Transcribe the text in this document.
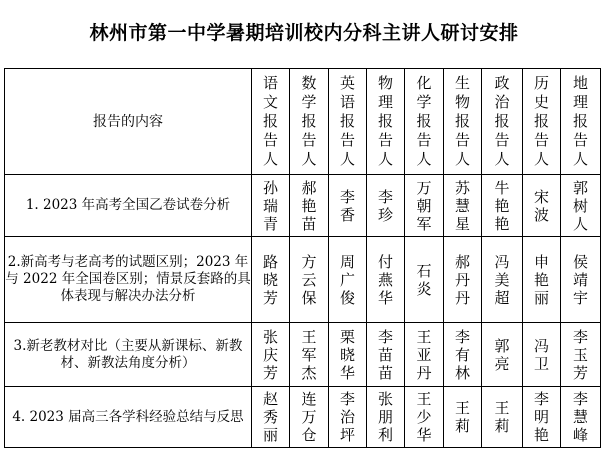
林州市第一中学暑期培训校内分科主讲人研讨安排
报告的内容	语文报告人	数学报告人	英语报告人	物理报告人	化学报告人	生物报告人	政治报告人	历史报告人	地理报告人
1. 2023 年高考全国乙卷试卷分析	孙瑞青	郝艳苗	李香	李珍	万朝军	苏慧星	牛艳艳	宋波	郭树人
2.新高考与老高考的试题区别；2023 年与 2022 年全国卷区别；情景反套路的具体表现与解决办法分析	路晓芳	方云保	周广俊	付燕华	石炎	郝丹丹	冯美超	申艳丽	侯靖宇
3.新老教材对比（主要从新课标、新教材、新教法角度分析）	张庆芳	王军杰	栗晓华	李苗苗	王亚丹	李有林	郭亮	冯卫	李玉芳
4. 2023 届高三各学科经验总结与反思	赵秀丽	连万仓	李治坪	张朋利	王少华	王莉	王莉	李明艳	李慧峰
